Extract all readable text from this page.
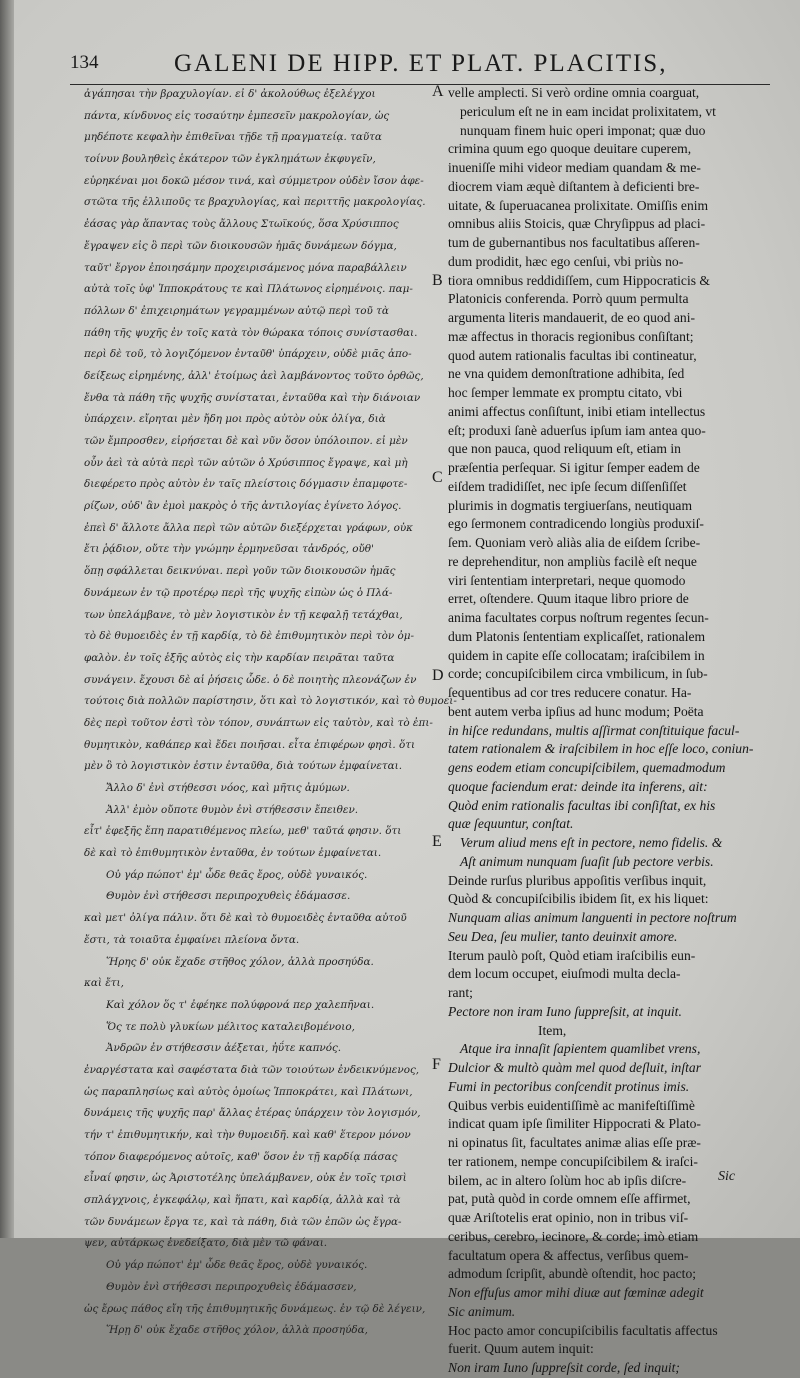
134	GALENI DE HIPP. ET PLAT. PLACITIS,
ἀγάπησαι τὴν βραχυλογίαν. εἰ δ' ἀκολούθως ἐξελέγχοι
πάντα, κίνδυνος εἰς τοσαύτην ἐμπεσεῖν μακρολογίαν, ὡς
μηδέποτε κεφαλὴν ἐπιθεῖναι τῇδε τῇ πραγματείᾳ. ταῦτα
τοίνυν βουληθεὶς ἑκάτερον τῶν ἐγκλημάτων ἐκφυγεῖν,
εὑρηκέναι μοι δοκῶ μέσον τινά, καὶ σύμμετρον οὐδὲν ἴσον ἀφε-
στῶτα τῆς ἐλλιποῦς τε βραχυλογίας, καὶ περιττῆς μακρολογίας.
ἐάσας γὰρ ἅπαντας τοὺς ἄλλους Στωϊκούς, ὅσα Χρύσιππος
ἔγραψεν εἰς ὃ περὶ τῶν διοικουσῶν ἡμᾶς δυνάμεων δόγμα,
ταῦτ' ἔργον ἐποιησάμην προχειρισάμενος μόνα παραβάλλειν
αὐτὰ τοῖς ὑφ' Ἱπποκράτους τε καὶ Πλάτωνος εἰρημένοις. παμ-
πόλλων δ' ἐπιχειρημάτων γεγραμμένων αὐτῷ περὶ τοῦ τὰ
πάθη τῆς ψυχῆς ἐν τοῖς κατὰ τὸν θώρακα τόποις συνίστασθαι.
περὶ δὲ τοῦ, τὸ λογιζόμενον ἐνταῦθ' ὑπάρχειν, οὐδὲ μιᾶς ἀπο-
δείξεως εἰρημένης, ἀλλ' ἑτοίμως ἀεὶ λαμβάνοντος τοῦτο ὁρθῶς,
ἔνθα τὰ πάθη τῆς ψυχῆς συνίσταται, ἐνταῦθα καὶ τὴν διάνοιαν
ὑπάρχειν. εἴρηται μὲν ἤδη μοι πρὸς αὐτὸν οὐκ ὀλίγα, διὰ
τῶν ἔμπροσθεν, εἰρήσεται δὲ καὶ νῦν ὅσον ὑπόλοιπον. εἰ μὲν
οὖν ἀεὶ τὰ αὐτὰ περὶ τῶν αὐτῶν ὁ Χρύσιππος ἔγραψε, καὶ μὴ
διεφέρετο πρὸς αὐτὸν ἐν ταῖς πλείστοις δόγμασιν ἐπαμφοτε-
ρίζων, οὐδ' ἂν ἐμοὶ μακρὸς ὁ τῆς ἀντιλογίας ἐγίνετο λόγος.
ἐπεὶ δ' ἄλλοτε ἄλλα περὶ τῶν αὐτῶν διεξέρχεται γράφων, οὐκ
ἔτι ῥᾴδιον, οὔτε τὴν γνώμην ἑρμηνεῦσαι τἀνδρός, οὔθ'
ὅπῃ σφάλλεται δεικνύναι. περὶ γοῦν τῶν διοικουσῶν ἡμᾶς
δυνάμεων ἐν τῷ προτέρῳ περὶ τῆς ψυχῆς εἰπὼν ὡς ὁ Πλά-
των ὑπελάμβανε, τὸ μὲν λογιστικὸν ἐν τῇ κεφαλῇ τετάχθαι,
τὸ δὲ θυμοειδὲς ἐν τῇ καρδίᾳ, τὸ δὲ ἐπιθυμητικὸν περὶ τὸν ὀμ-
φαλὸν. ἐν τοῖς ἑξῆς αὐτὸς εἰς τὴν καρδίαν πειρᾶται ταῦτα
συνάγειν. ἔχουσι δὲ αἱ ῥήσεις ὧδε. ὁ δὲ ποιητὴς πλεονάζων ἐν
τούτοις διὰ πολλῶν παρίστησιν, ὅτι καὶ τὸ λογιστικόν, καὶ τὸ θυμοει-
δὲς περὶ τοῦτον ἐστὶ τὸν τόπον, συνάπτων εἰς ταὐτὸν, καὶ τὸ ἐπι-
θυμητικὸν, καθάπερ καὶ ἔδει ποιῆσαι. εἶτα ἐπιφέρων φησὶ. ὅτι
μὲν ὃ τὸ λογιστικὸν ἐστιν ἐνταῦθα, διὰ τούτων ἐμφαίνεται.
Ἄλλο δ' ἐνὶ στήθεσσι νόος, καὶ μῆτις ἀμύμων.
Ἀλλ' ἐμὸν οὔποτε θυμὸν ἐνὶ στήθεσσιν ἔπειθεν.
εἶτ' ἐφεξῆς ἔπη παρατιθέμενος πλείω, μεθ' ταῦτά φησιν. ὅτι
δὲ καὶ τὸ ἐπιθυμητικὸν ἐνταῦθα, ἐν τούτων ἐμφαίνεται.
Οὐ γάρ πώποτ' ἐμ' ὧδε θεᾶς ἔρος, οὐδὲ γυναικός.
Θυμὸν ἐνὶ στήθεσσι περιπροχυθεὶς ἐδάμασσε.
καὶ μετ' ὀλίγα πάλιν. ὅτι δὲ καὶ τὸ θυμοειδὲς ἐνταῦθα αὐτοῦ
ἔστι, τὰ τοιαῦτα ἐμφαίνει πλείονα ὄντα.
Ἥρης δ' οὐκ ἔχαδε στῆθος χόλον, ἀλλὰ προσηύδα.
καὶ ἔτι,
Καὶ χόλον ὅς τ' ἐφέηκε πολύφρονά περ χαλεπῆναι.
Ὅς τε πολὺ γλυκίων μέλιτος καταλειβομένοιο,
Ἀνδρῶν ἐν στήθεσσιν ἀέξεται, ἠΰτε καπνός.
ἐναργέστατα καὶ σαφέστατα διὰ τῶν τοιούτων ἐνδεικνύμενος,
ὡς παραπλησίως καὶ αὐτὸς ὁμοίως Ἱπποκράτει, καὶ Πλάτωνι,
δυνάμεις τῆς ψυχῆς παρ' ἄλλας ἑτέρας ὑπάρχειν τὸν λογισμόν,
τήν τ' ἐπιθυμητικήν, καὶ τὴν θυμοειδῆ. καὶ καθ' ἕτερον μόνον
τόπον διαφερόμενος αὐτοῖς, καθ' ὅσον ἐν τῇ καρδίᾳ πάσας
εἶναί φησιν, ὡς Ἀριστοτέλης ὑπελάμβανεν, οὐκ ἐν τοῖς τρισὶ
σπλάγχνοις, ἐγκεφάλῳ, καὶ ἥπατι, καὶ καρδίᾳ, ἀλλὰ καὶ τὰ
τῶν δυνάμεων ἔργα τε, καὶ τὰ πάθη, διὰ τῶν ἐπῶν ὡς ἔγρα-
ψεν, αὐτάρκως ἐνεδείξατο, διὰ μὲν τῶ φάναι.
Οὐ γάρ πώποτ' ἐμ' ὧδε θεᾶς ἔρος, οὐδὲ γυναικός.
Θυμὸν ἐνὶ στήθεσσι περιπροχυθεὶς ἐδάμασσεν,
ὡς ἔρως πάθος εἴη τῆς ἐπιθυμητικῆς δυνάμεως. ἐν τῷ δὲ λέγειν,
Ἥρῃ δ' οὐκ ἔχαδε στῆθος χόλον, ἀλλὰ προσηύδα,
velle amplecti. Si verò ordine omnia coarguat,
periculum eſt ne in eam incidat prolixitatem, vt
nunquam finem huic operi imponat; quæ duo
crimina quum ego quoque deuitare cuperem,
inueniſſe mihi videor mediam quandam & me-
diocrem viam æquè diſtantem à deficienti bre-
uitate, & ſuperuacanea prolixitate. Omiſſis enim
omnibus aliis Stoicis, quæ Chryſippus ad placi-
tum de gubernantibus nos facultatibus aſſeren-
dum prodidit, hæc ego cenſui, vbi priùs no-
tiora omnibus reddidiſſem, cum Hippocraticis &
Platonicis conferenda. Porrò quum permulta
argumenta literis mandauerit, de eo quod ani-
mæ affectus in thoracis regionibus conſiſtant;
quod autem rationalis facultas ibi contineatur,
ne vna quidem demonſtratione adhibita, ſed
hoc ſemper lemmate ex promptu citato, vbi
animi affectus conſiſtunt, inibi etiam intellectus
eſt; produxi ſanè aduerſus ipſum iam antea quo-
que non pauca, quod reliquum eſt, etiam in
præſentia perſequar. Si igitur ſemper eadem de
eiſdem tradidiſſet, nec ipſe ſecum diſſenſiſſet
plurimis in dogmatis tergiuerſans, neutiquam
ego ſermonem contradicendo longiùs produxiſ-
ſem. Quoniam verò aliàs alia de eiſdem ſcribe-
re deprehenditur, non ampliùs facilè eſt neque
viri ſententiam interpretari, neque quomodo
erret, oſtendere. Quum itaque libro priore de
anima facultates corpus noſtrum regentes ſecun-
dum Platonis ſententiam explicaſſet, rationalem
quidem in capite eſſe collocatam; iraſcibilem in
corde; concupiſcibilem circa vmbilicum, in ſub-
ſequentibus ad cor tres reducere conatur. Ha-
bent autem verba ipſius ad hunc modum; Poëta
in hiſce redundans, multis aſſirmat conſtituique facul-
tatem rationalem & iraſcibilem in hoc eſſe loco, coniun-
gens eodem etiam concupiſcibilem, quemadmodum
quoque faciendum erat: deinde ita inferens, ait:
Quòd enim rationalis facultas ibi conſiſtat, ex his
quæ ſequuntur, conſtat.
Verum aliud mens eſt in pectore, nemo fidelis. &
Aſt animum nunquam ſuaſit ſub pectore verbis.
Deinde rurſus pluribus appoſitis verſibus inquit,
Quòd & concupiſcibilis ibidem ſit, ex his liquet:
Nunquam alias animum languenti in pectore noſtrum
Seu Dea, ſeu mulier, tanto deuinxit amore.
Iterum paulò poſt, Quòd etiam iraſcibilis eun-
dem locum occupet, eiuſmodi multa decla-
rant;
Pectore non iram Iuno ſuppreſsit, at inquit.
Item,
Atque ira innaſit ſapientem quamlibet vrens,
Dulcior & multò quàm mel quod deſluit, inſtar
Fumi in pectoribus conſcendit protinus imis.
Quibus verbis euidentiſſimè ac manifeſtiſſimè
indicat quam ipſe ſimiliter Hippocrati & Plato-
ni opinatus ſit, facultates animæ alias eſſe præ-
ter rationem, nempe concupiſcibilem & iraſci-
bilem, ac in altero ſolùm hoc ab ipſis diſcre-
pat, putà quòd in corde omnem eſſe affirmet,
quæ Ariſtotelis erat opinio, non in tribus viſ-
ceribus, cerebro, iecinore, & corde; imò etiam
facultatum opera & affectus, verſibus quem-
admodum ſcripſit, abundè oſtendit, hoc pacto;
Non effuſus amor mihi diuæ aut fœminæ adegit
Sic animum.
Hoc pacto amor concupiſcibilis facultatis affectus
fuerit. Quum autem inquit:
Non iram Iuno ſuppreſsit corde, ſed inquit;
A
B
C
D
E
F
Sic
